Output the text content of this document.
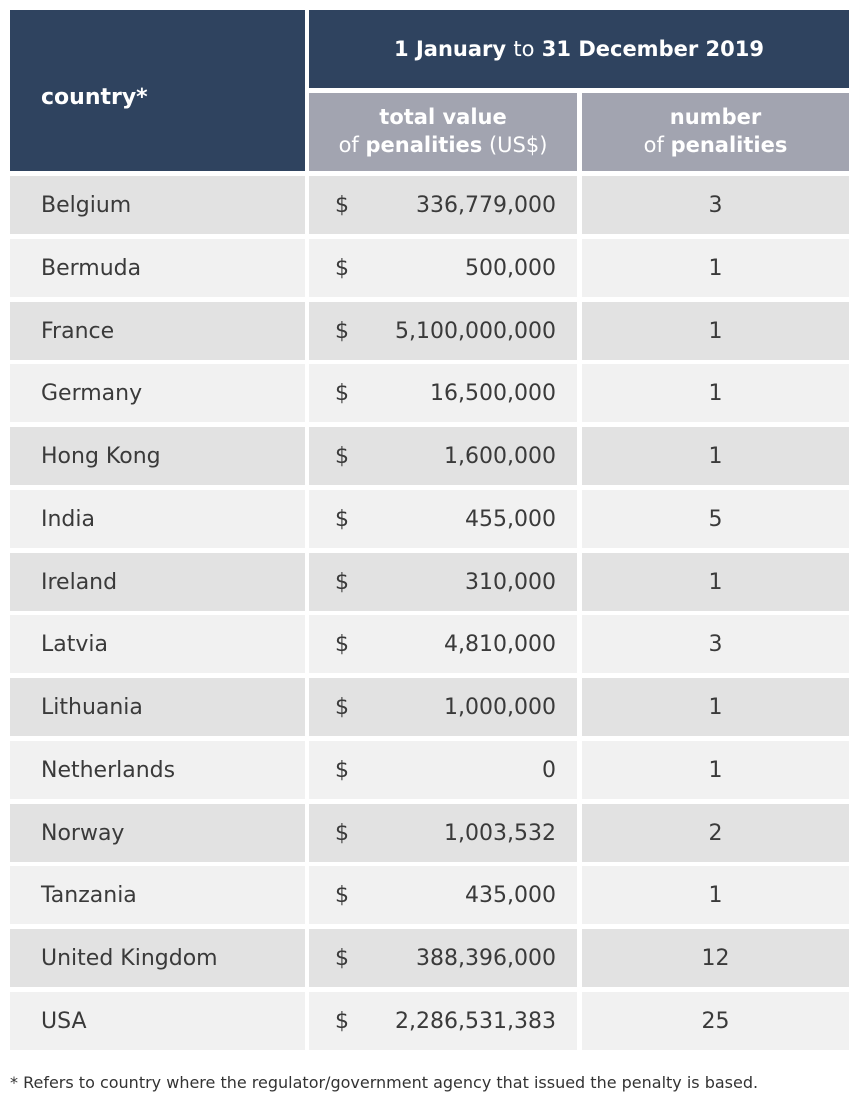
country*
1 January
to
31 December 2019
total value
of penalities (US$)
number
of penalities
Belgium	$	336,779,000	3
Bermuda	$	500,000	1
France	$ 5,100,000,000	1
Germany	$	16,500,000	1
Hong Kong	$	1,600,000	1
India	$	455,000	5
Ireland	$	310,000	1
Latvia	$	4,810,000	3
Lithuania	$	1,000,000	1
Netherlands	$	0	1
Norway	$	1,003,532	2
Tanzania	$	435,000	1
United Kingdom	$	388,396,000	12
USA	$ 2,286,531,383	25
* Refers to country where the regulator/government agency that issued the penalty is based.
